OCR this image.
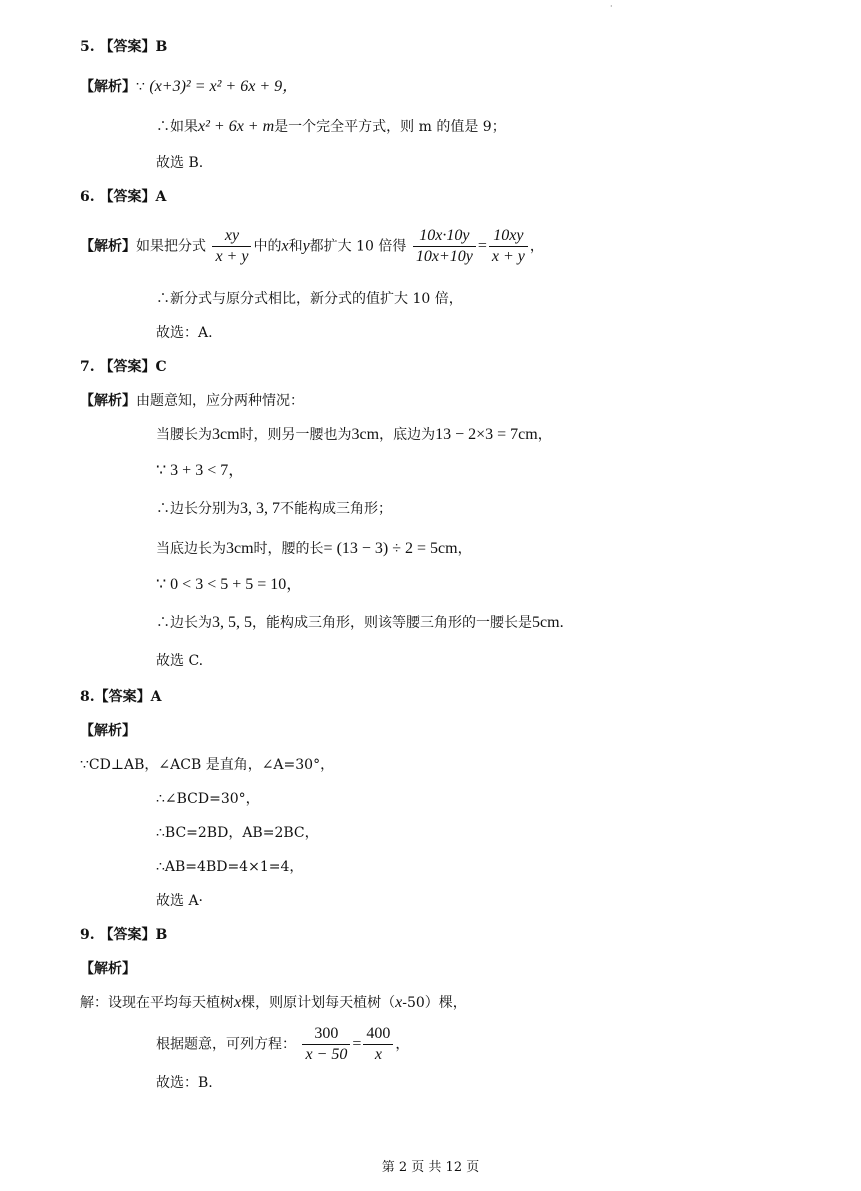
·
5. 【答案】B
【解析】∵ (x+3)² = x² + 6x + 9，
∴如果x² + 6x + m是一个完全平方式，则 m 的值是 9；
故选 B.
6. 【答案】A
【解析】如果把分式 $\frac{xy}{x + y}$ 中的x和y都扩大 10 倍得 $\frac{10x\cdot 10y}{10x+10y} = \frac{10xy}{x + y}$ ，
∴新分式与原分式相比，新分式的值扩大 10 倍，
故选：A.
7. 【答案】C
【解析】由题意知，应分两种情况：
当腰长为3cm时，则另一腰也为3cm，底边为13 − 2×3 = 7cm，
∵ 3 + 3 < 7，
∴边长分别为3, 3, 7不能构成三角形；
当底边长为3cm时，腰的长= (13 − 3) ÷ 2 = 5cm，
∵ 0 < 3 < 5 + 5 = 10，
∴边长为3, 5, 5，能构成三角形，则该等腰三角形的一腰长是5cm．
故选 C.
8.【答案】A
【解析】
∵CD⊥AB，∠ACB 是直角，∠A=30°，
∴∠BCD=30°，
∴BC=2BD，AB=2BC，
∴AB=4BD=4×1=4，
故选 A·
9. 【答案】B
【解析】
解：设现在平均每天植树x棵，则原计划每天植树（x-50）棵，
根据题意，可列方程： $\frac{300}{x - 50} = \frac{400}{x}$ ，
故选：B.
第 2 页 共 12 页
